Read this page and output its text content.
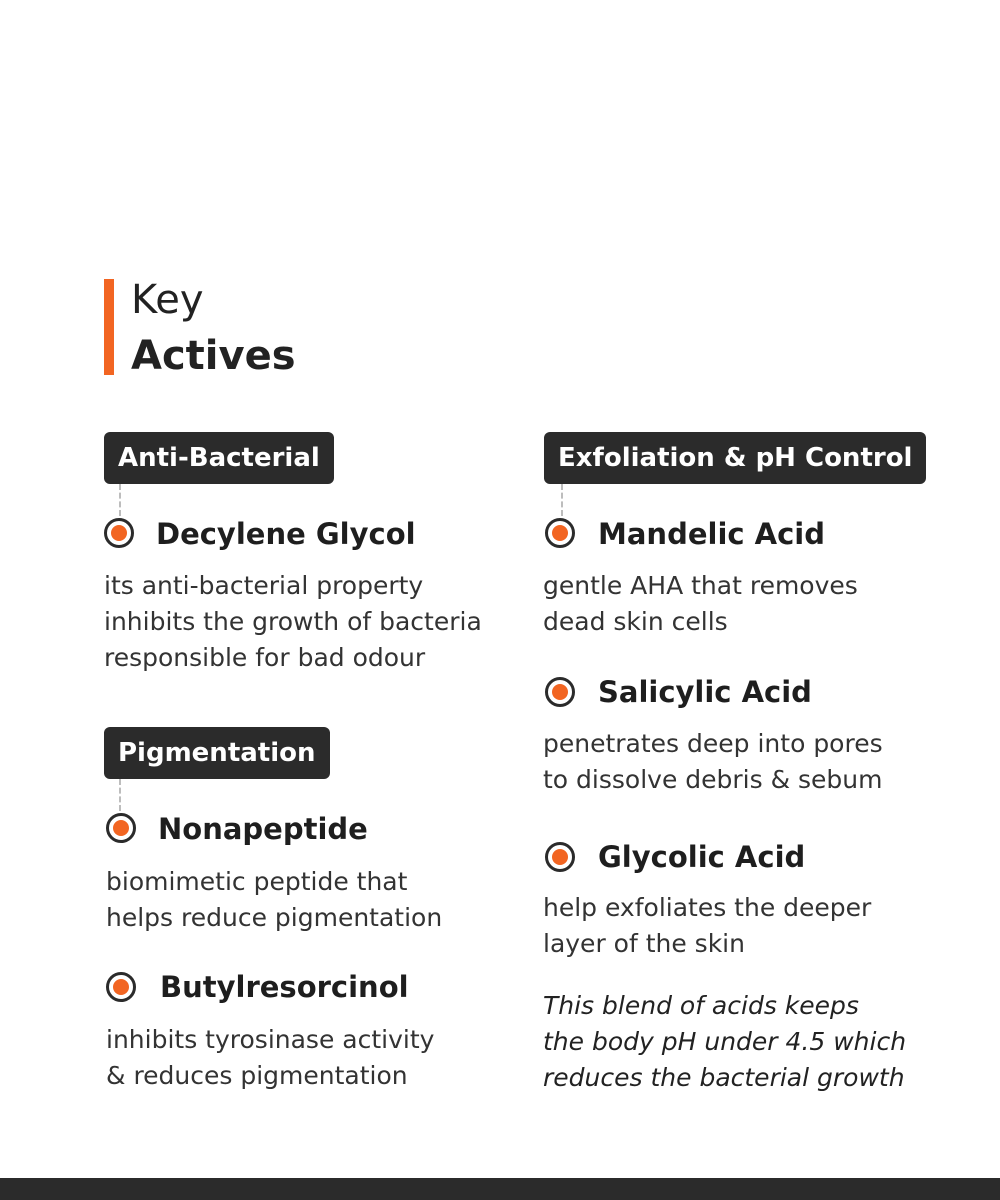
Key
Actives
Anti-Bacterial
Decylene Glycol
its anti-bacterial property
inhibits the growth of bacteria
responsible for bad odour
Pigmentation
Nonapeptide
biomimetic peptide that
helps reduce pigmentation
Butylresorcinol
inhibits tyrosinase activity
& reduces pigmentation
Exfoliation & pH Control
Mandelic Acid
gentle AHA that removes
dead skin cells
Salicylic Acid
penetrates deep into pores
to dissolve debris & sebum
Glycolic Acid
help exfoliates the deeper
layer of the skin
This blend of acids keeps
the body pH under 4.5 which
reduces the bacterial growth
